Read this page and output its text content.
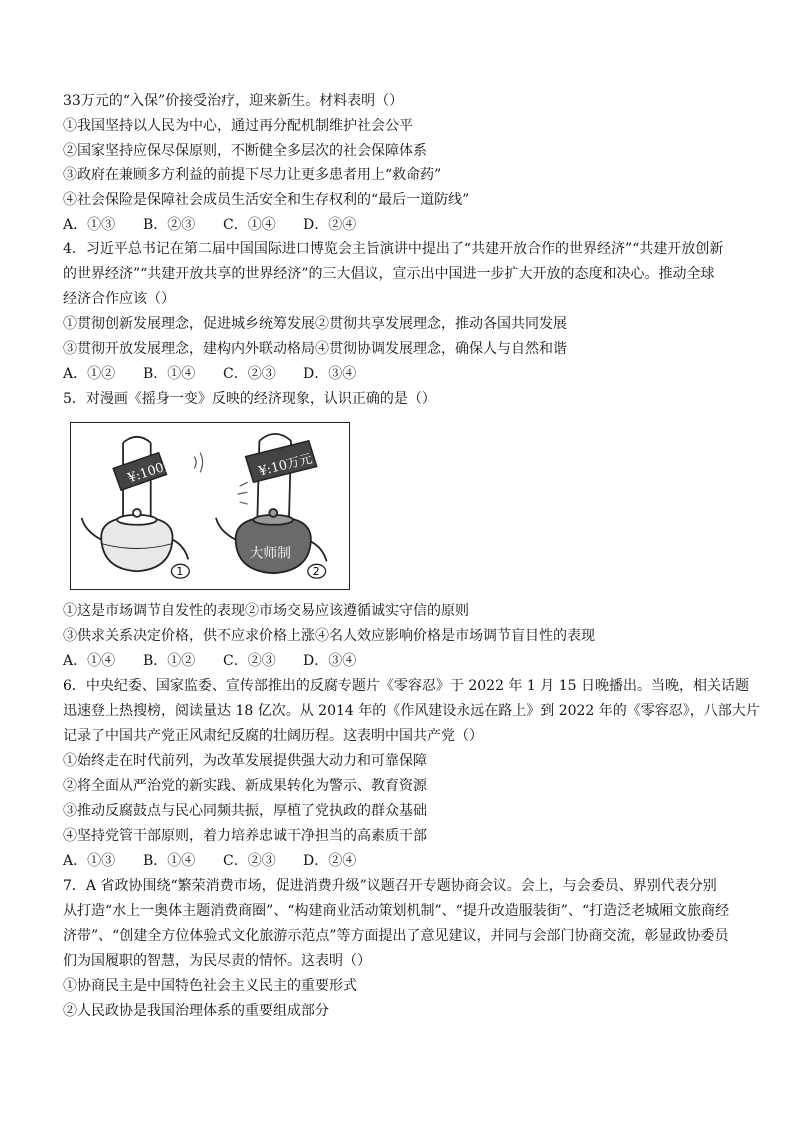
33万元的“入保”价接受治疗，迎来新生。材料表明（）
①我国坚持以人民为中心，通过再分配机制维护社会公平
②国家坚持应保尽保原则，不断健全多层次的社会保障体系
③政府在兼顾多方利益的前提下尽力让更多患者用上“救命药”
④社会保险是保障社会成员生活安全和生存权利的“最后一道防线”
A．①③ B．②③ C．①④ D．②④
4．习近平总书记在第二届中国国际进口博览会主旨演讲中提出了“共建开放合作的世界经济”“共建开放创新
的世界经济”“共建开放共享的世界经济”的三大倡议，宣示出中国进一步扩大开放的态度和决心。推动全球
经济合作应该（）
①贯彻创新发展理念，促进城乡统筹发展②贯彻共享发展理念，推动各国共同发展
③贯彻开放发展理念，建构内外联动格局④贯彻协调发展理念，确保人与自然和谐
A．①② B．①④ C．②③ D．③④
5．对漫画《摇身一变》反映的经济现象，认识正确的是（）
¥:100元
1
大师制
¥:10万元
2
①这是市场调节自发性的表现②市场交易应该遵循诚实守信的原则
③供求关系决定价格，供不应求价格上涨④名人效应影响价格是市场调节盲目性的表现
A．①④ B．①② C．②③ D．③④
6．中央纪委、国家监委、宣传部推出的反腐专题片《零容忍》于 2022 年 1 月 15 日晚播出。当晚，相关话题
迅速登上热搜榜，阅读量达 18 亿次。从 2014 年的《作风建设永远在路上》到 2022 年的《零容忍》，八部大片
记录了中国共产党正风肃纪反腐的壮阔历程。这表明中国共产党（）
①始终走在时代前列，为改革发展提供强大动力和可靠保障
②将全面从严治党的新实践、新成果转化为警示、教育资源
③推动反腐鼓点与民心同频共振，厚植了党执政的群众基础
④坚持党管干部原则，着力培养忠诚干净担当的高素质干部
A．①③ B．①④ C．②③ D．②④
7．A 省政协围绕“繁荣消费市场，促进消费升级”议题召开专题协商会议。会上，与会委员、界别代表分别
从打造“水上一奥体主题消费商圈”、“构建商业活动策划机制”、“提升改造服装街”、“打造泛老城厢文旅商经
济带”、“创建全方位体验式文化旅游示范点”等方面提出了意见建议，并同与会部门协商交流，彰显政协委员
们为国履职的智慧，为民尽责的情怀。这表明（）
①协商民主是中国特色社会主义民主的重要形式
②人民政协是我国治理体系的重要组成部分
